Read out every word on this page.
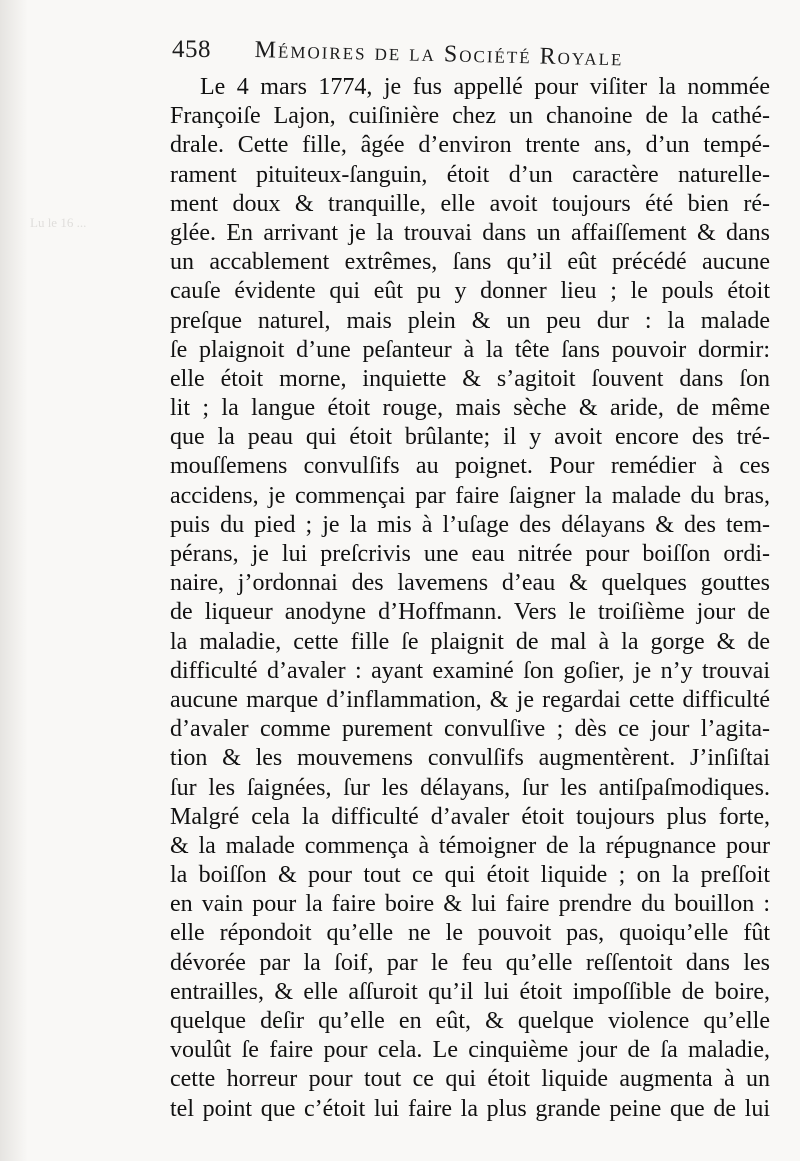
Lu le 16 ...
458 Mémoires de la Société Royale
Le 4 mars 1774, je fus appellé pour viſiter la nommée
Françoiſe Lajon, cuiſinière chez un chanoine de la cathé-
drale. Cette fille, âgée d’environ trente ans, d’un tempé-
rament pituiteux-ſanguin, étoit d’un caractère naturelle-
ment doux & tranquille, elle avoit toujours été bien ré-
glée. En arrivant je la trouvai dans un affaiſſement & dans
un accablement extrêmes, ſans qu’il eût précédé aucune
cauſe évidente qui eût pu y donner lieu ; le pouls étoit
preſque naturel, mais plein & un peu dur : la malade
ſe plaignoit d’une peſanteur à la tête ſans pouvoir dormir:
elle étoit morne, inquiette & s’agitoit ſouvent dans ſon
lit ; la langue étoit rouge, mais sèche & aride, de même
que la peau qui étoit brûlante; il y avoit encore des tré-
mouſſemens convulſifs au poignet. Pour remédier à ces
accidens, je commençai par faire ſaigner la malade du bras,
puis du pied ; je la mis à l’uſage des délayans & des tem-
pérans, je lui preſcrivis une eau nitrée pour boiſſon ordi-
naire, j’ordonnai des lavemens d’eau & quelques gouttes
de liqueur anodyne d’Hoffmann. Vers le troiſième jour de
la maladie, cette fille ſe plaignit de mal à la gorge & de
difficulté d’avaler : ayant examiné ſon goſier, je n’y trouvai
aucune marque d’inflammation, & je regardai cette difficulté
d’avaler comme purement convulſive ; dès ce jour l’agita-
tion & les mouvemens convulſifs augmentèrent. J’inſiſtai
ſur les ſaignées, ſur les délayans, ſur les antiſpaſmodiques.
Malgré cela la difficulté d’avaler étoit toujours plus forte,
& la malade commença à témoigner de la répugnance pour
la boiſſon & pour tout ce qui étoit liquide ; on la preſſoit
en vain pour la faire boire & lui faire prendre du bouillon :
elle répondoit qu’elle ne le pouvoit pas, quoiqu’elle fût
dévorée par la ſoif, par le feu qu’elle reſſentoit dans les
entrailles, & elle aſſuroit qu’il lui étoit impoſſible de boire,
quelque deſir qu’elle en eût, & quelque violence qu’elle
voulût ſe faire pour cela. Le cinquième jour de ſa maladie,
cette horreur pour tout ce qui étoit liquide augmenta à un
tel point que c’étoit lui faire la plus grande peine que de lui
